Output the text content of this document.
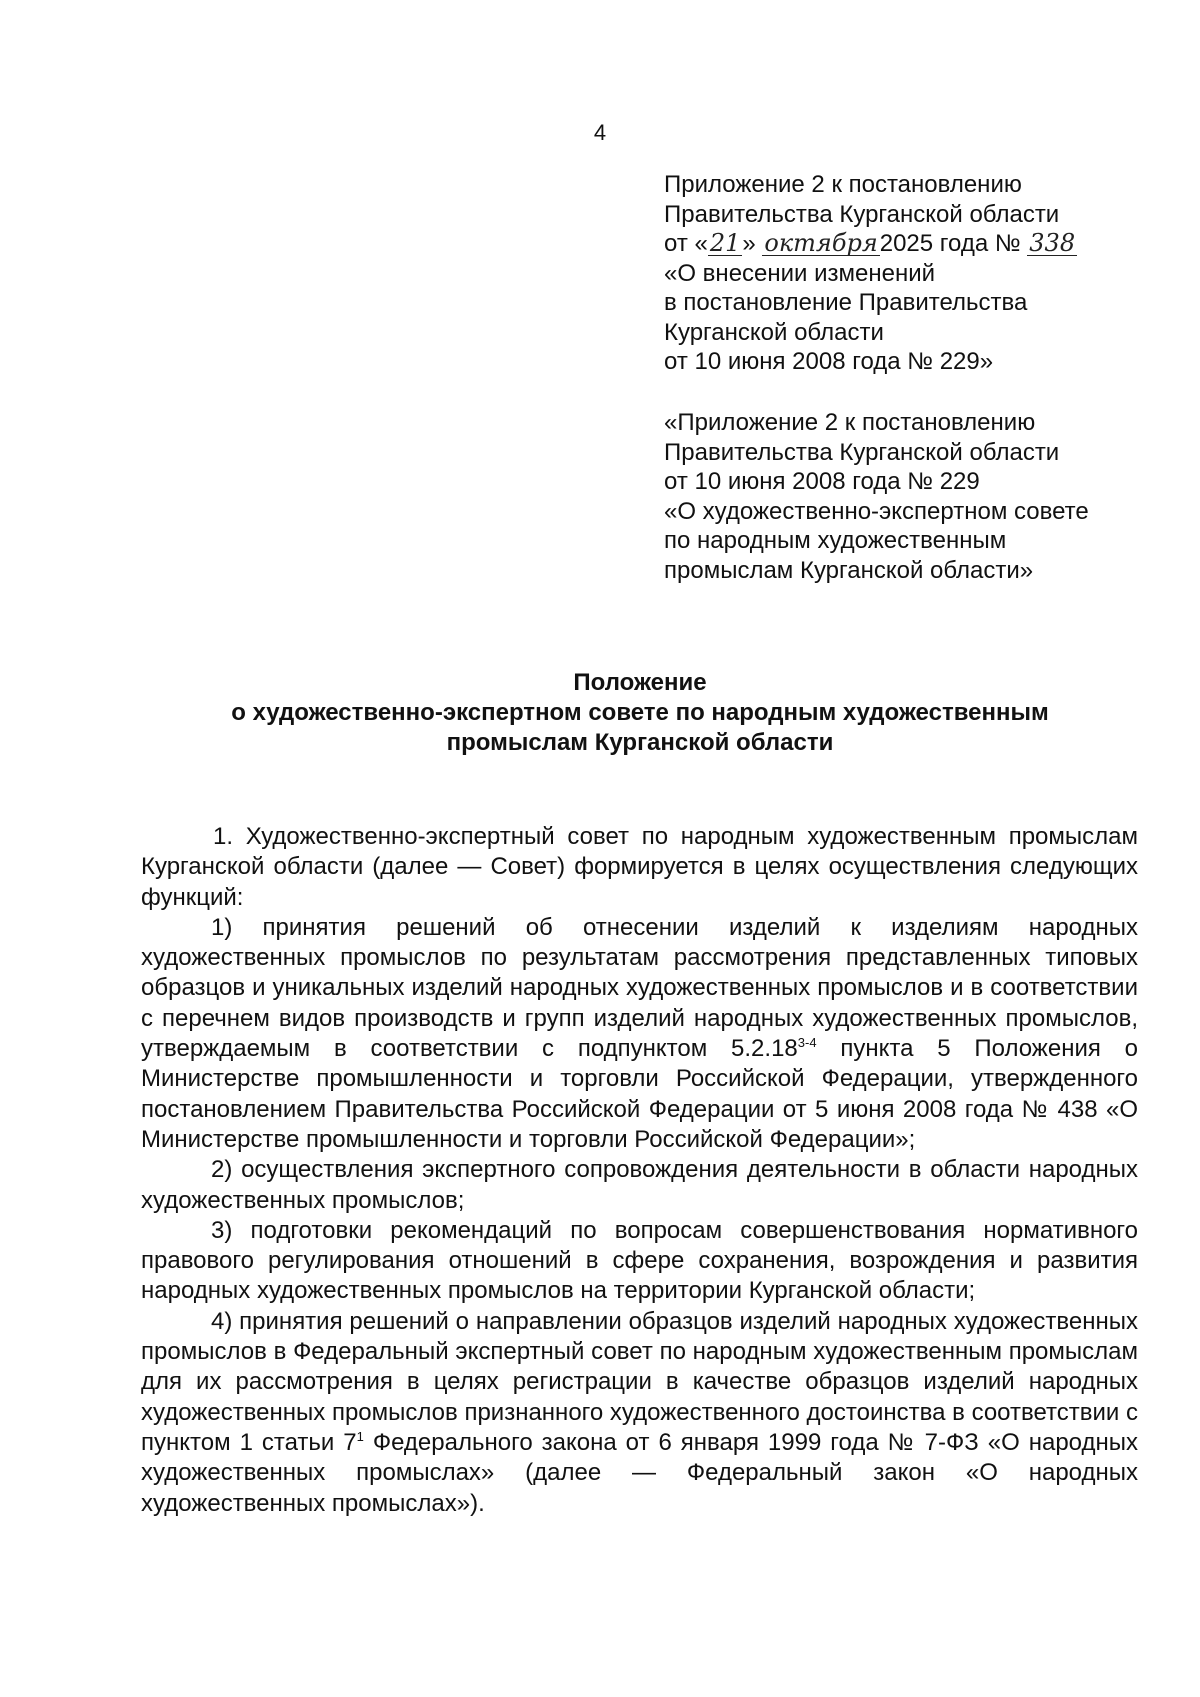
4
Приложение 2 к постановлению
Правительства Курганской области
от «21» октября2025 года № 338
«О внесении изменений
в постановление Правительства
Курганской области
от 10 июня 2008 года № 229»
«Приложение 2 к постановлению
Правительства Курганской области
от 10 июня 2008 года № 229
«О художественно-экспертном совете
по народным художественным
промыслам Курганской области»
Положение
о художественно-экспертном совете по народным художественным
промыслам Курганской области

1. Художественно-экспертный совет по народным художественным промыслам Курганской области (далее — Совет) формируется в целях осуществления следующих функций:

1) принятия решений об отнесении изделий к изделиям народных художественных промыслов по результатам рассмотрения представленных типовых образцов и уникальных изделий народных художественных промыслов и в соответствии с перечнем видов производств и групп изделий народных художественных промыслов, утверждаемым в соответствии с подпунктом 5.2.18$^{3-4}$ пункта 5 Положения о Министерстве промышленности и торговли Российской Федерации, утвержденного постановлением Правительства Российской Федерации от 5 июня 2008 года № 438 «О Министерстве промышленности и торговли Российской Федерации»;

2) осуществления экспертного сопровождения деятельности в области народных художественных промыслов;

3) подготовки рекомендаций по вопросам совершенствования нормативного правового регулирования отношений в сфере сохранения, возрождения и развития народных художественных промыслов на территории Курганской области;

4) принятия решений о направлении образцов изделий народных художественных промыслов в Федеральный экспертный совет по народным художественным промыслам для их рассмотрения в целях регистрации в качестве образцов изделий народных художественных промыслов признанного художественного достоинства в соответствии с пунктом 1 статьи $7^1$ Федерального закона от 6 января 1999 года № 7-ФЗ «О народных художественных промыслах» (далее — Федеральный закон «О народных художественных промыслах»).
